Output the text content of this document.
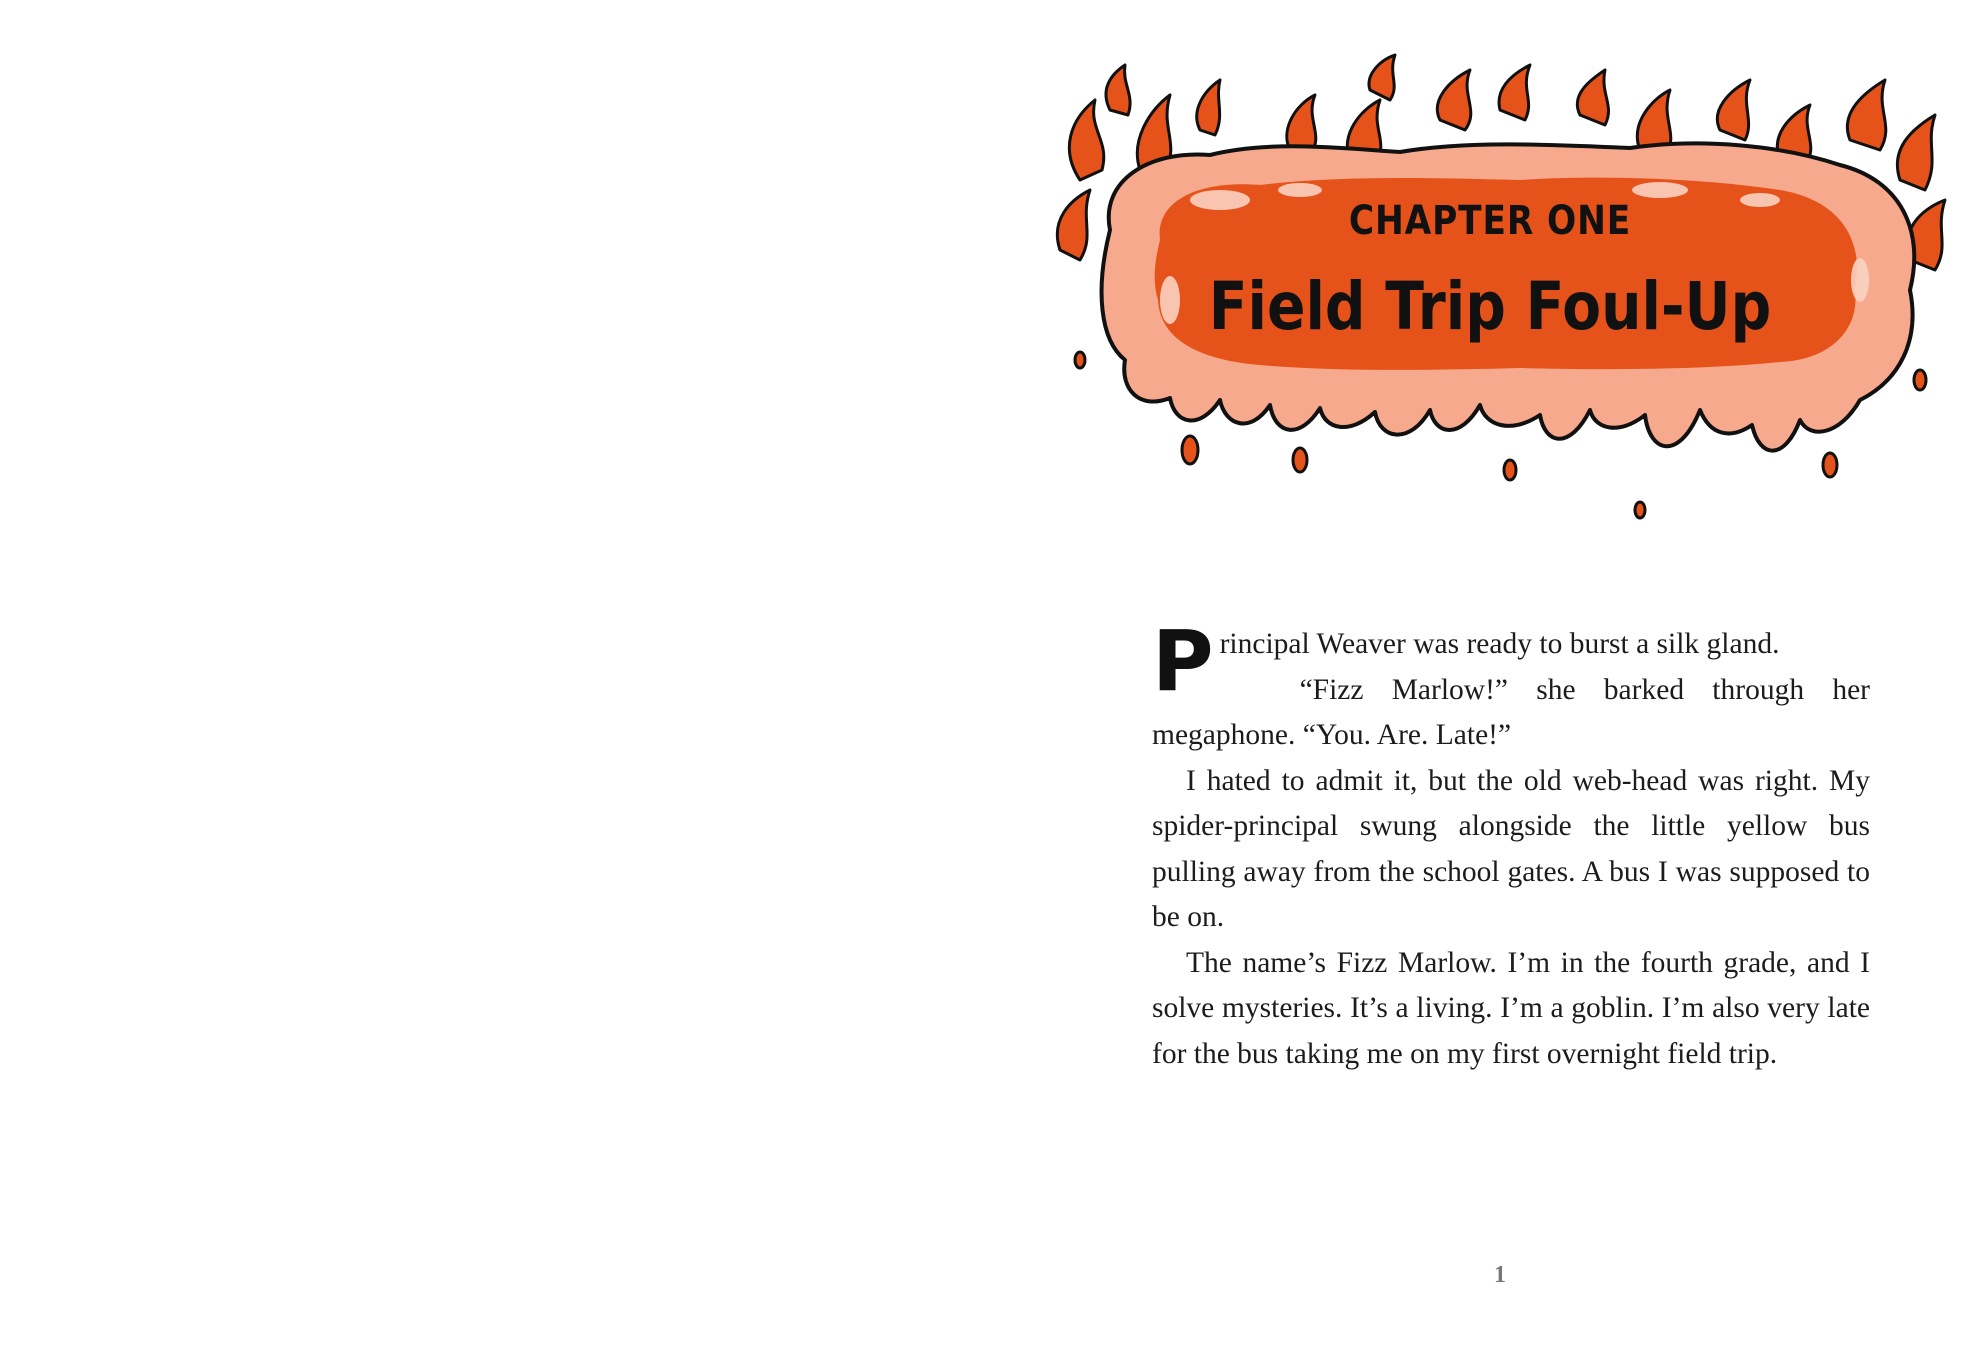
CHAPTER ONE
Field Trip Foul-Up

Principal Weaver was ready to burst a silk gland.

“Fizz Marlow!” she barked through her megaphone. “You. Are. Late!”

I hated to admit it, but the old web-head was right. My spider-principal swung alongside the little yellow bus pulling away from the school gates. A bus I was supposed to be on.

The name’s Fizz Marlow. I’m in the fourth grade, and I solve mysteries. It’s a living. I’m a goblin. I’m also very late for the bus taking me on my first overnight field trip.

1
